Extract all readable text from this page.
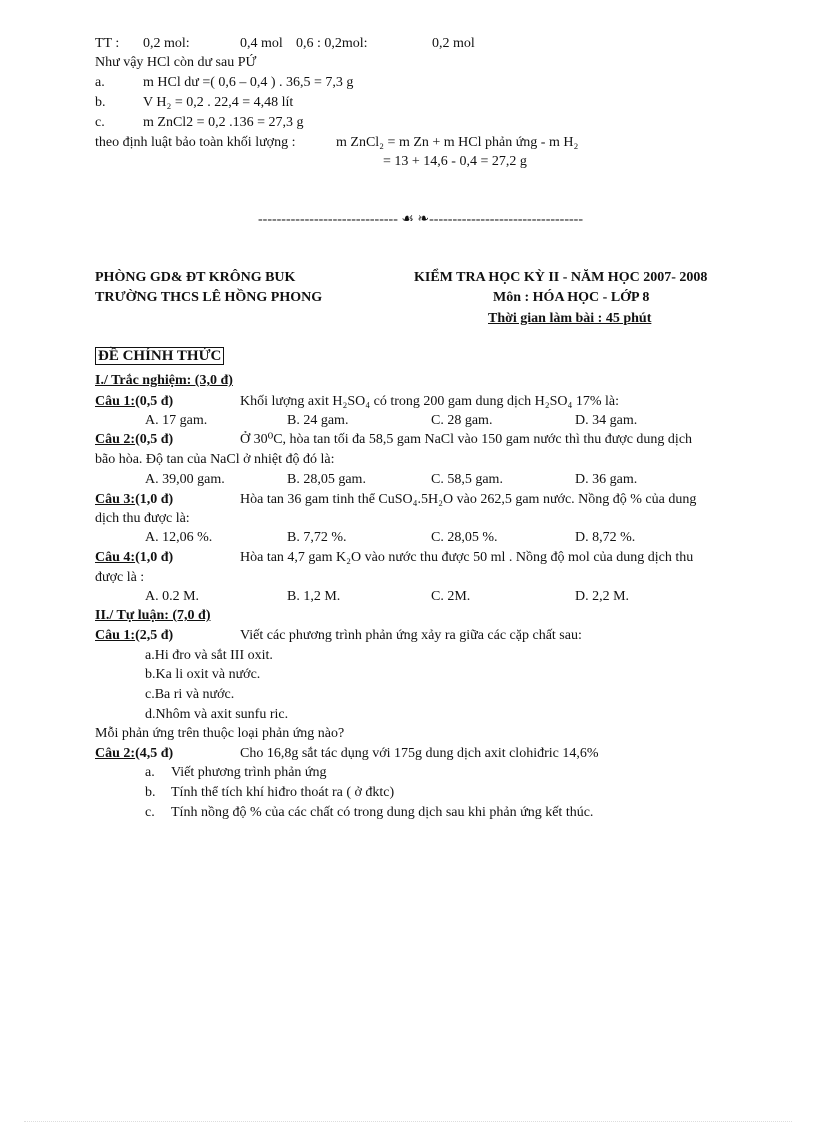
TT : 0,2 mol:	0,4 mol 0,6 : 0,2mol:	0,2 mol
Như vậy HCl còn dư sau PỨ
a.	m HCl dư =( 0,6 – 0,4 ) . 36,5 = 7,3 g
b.	V H₂ = 0,2 . 22,4 = 4,48 lít
c.	m ZnCl2 = 0,2 .136 = 27,3 g
theo định luật bảo toàn khối lượng :	m ZnCl₂ = m Zn + m HCl phản ứng - m H₂
= 13 + 14,6 - 0,4 = 27,2 g
------------------------------ ☙ ❧---------------------------------
PHÒNG GD& ĐT KRÔNG BUK
TRƯỜNG THCS LÊ HỒNG PHONG
KIỂM TRA HỌC KỲ II - NĂM HỌC 2007- 2008
Môn : HÓA HỌC - LỚP 8
Thời gian làm bài : 45 phút
ĐỀ CHÍNH THỨC
I./ Trắc nghiệm: (3,0 đ)
Câu 1:(0,5 đ)	Khối lượng axit H₂SO₄ có trong 200 gam dung dịch H₂SO₄ 17% là:
A. 17 gam.	B. 24 gam.	C. 28 gam.	D. 34 gam.
Câu 2:(0,5 đ)	Ở 30⁰C, hòa tan tối đa 58,5 gam NaCl vào 150 gam nước thì thu được dung dịch
bão hòa. Độ tan của NaCl ở nhiệt độ đó là:
A. 39,00 gam.	B. 28,05 gam.	C. 58,5 gam.	D. 36 gam.
Câu 3:(1,0 đ)	Hòa tan 36 gam tinh thể CuSO₄.5H₂O vào 262,5 gam nước. Nồng độ % của dung
dịch thu được là:
A. 12,06 %.	B. 7,72 %.	C. 28,05 %.	D. 8,72 %.
Câu 4:(1,0 đ)	Hòa tan 4,7 gam K₂O vào nước thu được 50 ml . Nồng độ mol của dung dịch thu
được là :
A. 0.2 M.	B. 1,2 M.	C. 2M.	D. 2,2 M.
II./ Tự luận: (7,0 đ)
Câu 1:(2,5 đ)	Viết các phương trình phản ứng xảy ra giữa các cặp chất sau:
a.Hi đro và sắt III oxit.
b.Ka li oxit và nước.
c.Ba ri và nước.
d.Nhôm và axit sunfu ric.
Mỗi phản ứng trên thuộc loại phản ứng nào?
Câu 2:(4,5 đ)	Cho 16,8g sắt tác dụng với 175g dung dịch axit clohiđric 14,6%
a. Viết phương trình phản ứng
b. Tính thể tích khí hiđro thoát ra ( ở đktc)
c. Tính nồng độ % của các chất có trong dung dịch sau khi phản ứng kết thúc.
